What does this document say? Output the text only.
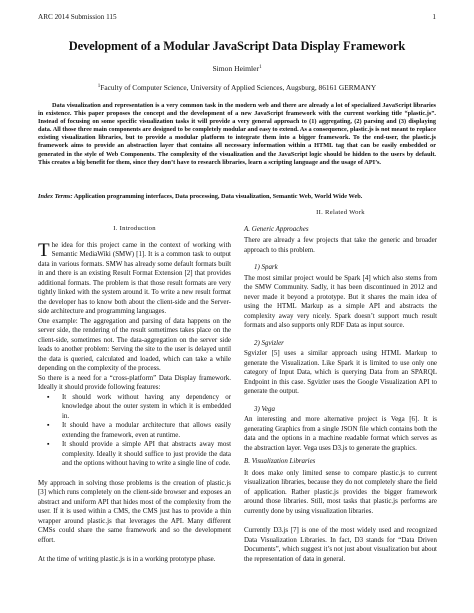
ARC 2014 Submission 115	1
Development of a Modular JavaScript Data Display Framework
Simon Heimler$^1$
$^1$Faculty of Computer Science, University of Applied Sciences, Augsburg, 86161 GERMANY
Data visualization and representation is a very common task in the modern web and there are already a lot of specialized JavaScript libraries in existence. This paper proposes the concept and the development of a new JavaScript framework with the current working title “plastic.js”. Instead of focusing on some specific visualization tasks it will provide a very general approach to (1) aggregating, (2) parsing and (3) displaying data. All those three main components are designed to be completely modular and easy to extend. As a consequence, plastic.js is not meant to replace existing visualization libraries, but to provide a modular platform to integrate them into a bigger framework. To the end-user, the plastic.js framework aims to provide an abstraction layer that contains all necessary information within a HTML tag that can be easily embedded or generated in the style of Web Components. The complexity of the visualization and the JavaScript logic should be hidden to the users by default. This creates a big benefit for them, since they don’t have to research libraries, learn a scripting language and the usage of API’s.
Index Terms: Application programming interfaces, Data processing, Data visualization, Semantic Web, World Wide Web.
I. Introduction

The idea for this project came in the context of working with Semantic MediaWiki (SMW) [1]. It is a common task to output data in various formats. SMW has already some default formats built in and there is an existing Result Format Extension [2] that provides additional formats. The problem is that those result formats are very tightly linked with the system around it. To write a new result format the developer has to know both about the client-side and the Server-side architecture and programming languages.

One example: The aggregation and parsing of data happens on the server side, the rendering of the result sometimes takes place on the client-side, sometimes not. The data-aggregation on the server side leads to another problem: Serving the site to the user is delayed until the data is queried, calculated and loaded, which can take a while depending on the complexity of the process.

So there is a need for a “cross-platform” Data Display framework. Ideally it should provide following features:

▪ It should work without having any dependency or knowledge about the outer system in which it is embedded in.
▪ It should have a modular architecture that allows easily extending the framework, even at runtime.
▪ It should provide a simple API that abstracts away most complexity. Ideally it should suffice to just provide the data and the options without having to write a single line of code.

My approach in solving those problems is the creation of plastic.js [3] which runs completely on the client-side browser and exposes an abstract and uniform API that hides most of the complexity from the user. If it is used within a CMS, the CMS just has to provide a thin wrapper around plastic.js that leverages the API. Many different CMSs could share the same framework and so the development effort.

At the time of writing plastic.js is in a working prototype phase.

II. Related Work
A. Generic Approaches

There are already a few projects that take the generic and broader approach to this problem.

1) Spark

The most similar project would be Spark [4] which also stems from the SMW Community. Sadly, it has been discontinued in 2012 and never made it beyond a prototype. But it shares the main idea of using the HTML Markup as a simple API and abstracts the complexity away very nicely. Spark doesn’t support much result formats and also supports only RDF Data as input source.

2) Sgvizler

Sgvizler [5] uses a similar approach using HTML Markup to generate the Visualization. Like Spark it is limited to use only one category of Input Data, which is querying Data from an SPARQL Endpoint in this case. Sgvizler uses the Google Visualization API to generate the output.

3) Vega

An interesting and more alternative project is Vega [6]. It is generating Graphics from a single JSON file which contains both the data and the options in a machine readable format which serves as the abstraction layer. Vega uses D3.js to generate the graphics.

B. Visualization Libraries

It does make only limited sense to compare plastic.js to current visualization libraries, because they do not completely share the field of application. Rather plastic.js provides the bigger framework around those libraries. Still, most tasks that plastic.js performs are currently done by using visualization libraries.

Currently D3.js [7] is one of the most widely used and recognized Data Visualization Libraries. In fact, D3 stands for “Data Driven Documents”, which suggest it’s not just about visualization but about the representation of data in general.
